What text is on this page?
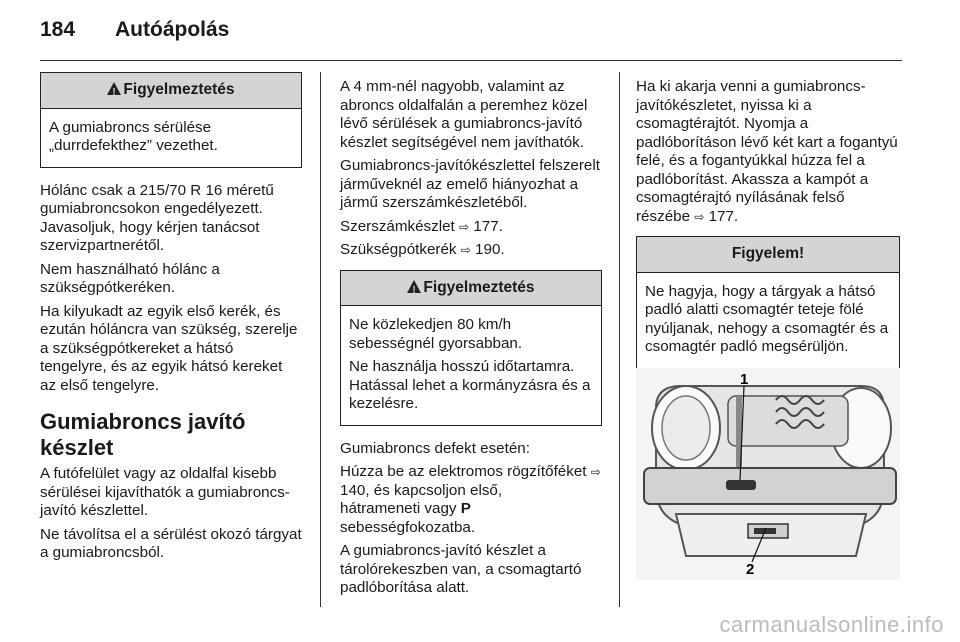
184 Autóápolás
!Figyelmeztetés

A gumiabroncs sérülése „durrdefekthez” vezethet.

Hólánc csak a 215/70 R 16 méretű gumiabroncsokon engedélyezett. Javasoljuk, hogy kérjen tanácsot szervizpartnerétől.

Nem használható hólánc a szükségpótkeréken.

Ha kilyukadt az egyik első kerék, és ezután hóláncra van szükség, szerelje a szükségpótkereket a hátsó tengelyre, és az egyik hátsó kereket az első tengelyre.

Gumiabroncs javító készlet

A futófelület vagy az oldalfal kisebb sérülései kijavíthatók a gumiabroncs-javító készlettel.

Ne távolítsa el a sérülést okozó tárgyat a gumiabroncsból.

A 4 mm-nél nagyobb, valamint az abroncs oldalfalán a peremhez közel lévő sérülések a gumiabroncs-javító készlet segítségével nem javíthatók.

Gumiabroncs-javítókészlettel felszerelt járműveknél az emelő hiányozhat a jármű szerszámkészletéből.

Szerszámkészlet ⇨ 177.

Szükségpótkerék ⇨ 190.

!Figyelmeztetés

Ne közlekedjen 80 km/h sebességnél gyorsabban.

Ne használja hosszú időtartamra. Hatással lehet a kormányzásra és a kezelésre.

Gumiabroncs defekt esetén:

Húzza be az elektromos rögzítőféket ⇨ 140, és kapcsoljon első,
hátrameneti vagy P
sebességfokozatba.

A gumiabroncs-javító készlet a tárolórekeszben van, a csomagtartó padlóborítása alatt.

Ha ki akarja venni a gumiabroncs-javítókészletet, nyissa ki a csomagtérajtót. Nyomja a padlóborításon lévő két kart a fogantyú felé, és a fogantyúkkal húzza fel a padlóborítást. Akassza a kampót a csomagtérajtó nyílásának felső részébe ⇨ 177.

Figyelem!

Ne hagyja, hogy a tárgyak a hátsó padló alatti csomagtér teteje fölé nyúljanak, nehogy a csomagtér és a csomagtér padló megsérüljön.

1
2
carmanualsonline.info
